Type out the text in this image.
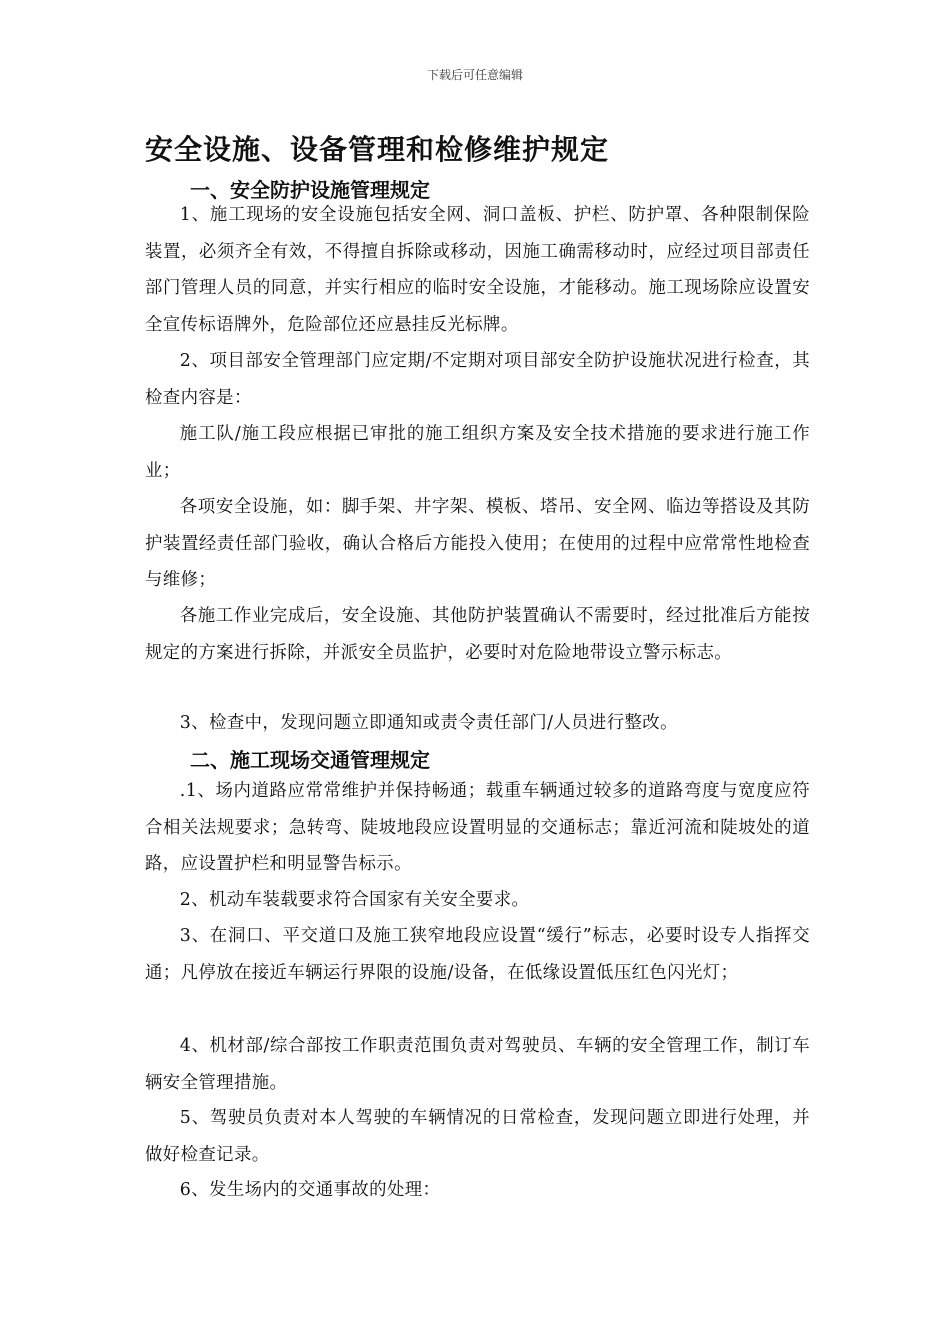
下载后可任意编辑
安全设施、设备管理和检修维护规定
一、安全防护设施管理规定

1、施工现场的安全设施包括安全网、洞口盖板、护栏、防护罩、各种限制保险装置，必须齐全有效，不得擅自拆除或移动，因施工确需移动时，应经过项目部责任部门管理人员的同意，并实行相应的临时安全设施，才能移动。施工现场除应设置安全宣传标语牌外，危险部位还应悬挂反光标牌。

2、项目部安全管理部门应定期/不定期对项目部安全防护设施状况进行检查，其检查内容是：

施工队/施工段应根据已审批的施工组织方案及安全技术措施的要求进行施工作业；

各项安全设施，如：脚手架、井字架、模板、塔吊、安全网、临边等搭设及其防护装置经责任部门验收，确认合格后方能投入使用；在使用的过程中应常常性地检查与维修；

各施工作业完成后，安全设施、其他防护装置确认不需要时，经过批准后方能按规定的方案进行拆除，并派安全员监护，必要时对危险地带设立警示标志。

3、检查中，发现问题立即通知或责令责任部门/人员进行整改。

二、施工现场交通管理规定

.1、场内道路应常常维护并保持畅通；载重车辆通过较多的道路弯度与宽度应符合相关法规要求；急转弯、陡坡地段应设置明显的交通标志；靠近河流和陡坡处的道路，应设置护栏和明显警告标示。

2、机动车装载要求符合国家有关安全要求。

3、在洞口、平交道口及施工狭窄地段应设置“缓行”标志，必要时设专人指挥交通；凡停放在接近车辆运行界限的设施/设备，在低缘设置低压红色闪光灯；

4、机材部/综合部按工作职责范围负责对驾驶员、车辆的安全管理工作，制订车辆安全管理措施。

5、驾驶员负责对本人驾驶的车辆情况的日常检查，发现问题立即进行处理，并做好检查记录。

6、发生场内的交通事故的处理：
